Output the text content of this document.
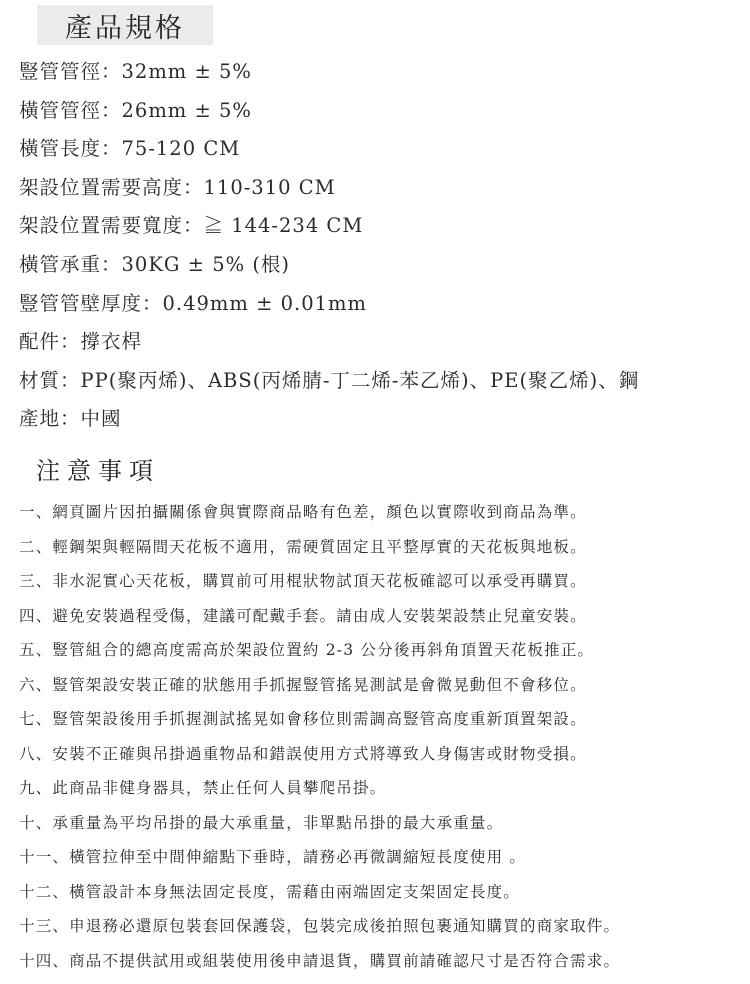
產品規格
豎管管徑：32mm ± 5%
橫管管徑：26mm ± 5%
橫管長度：75-120 CM
架設位置需要高度：110-310 CM
架設位置需要寬度：≧ 144-234 CM
橫管承重：30KG ± 5% (根)
豎管管壁厚度：0.49mm ± 0.01mm
配件：撐衣桿
材質：PP(聚丙烯)、ABS(丙烯腈-丁二烯-苯乙烯)、PE(聚乙烯)、鋼
產地：中國
注意事項
一、網頁圖片因拍攝關係會與實際商品略有色差，顏色以實際收到商品為準。
二、輕鋼架與輕隔間天花板不適用，需硬質固定且平整厚實的天花板與地板。
三、非水泥實心天花板，購買前可用棍狀物試頂天花板確認可以承受再購買。
四、避免安裝過程受傷，建議可配戴手套。請由成人安裝架設禁止兒童安裝。
五、豎管組合的總高度需高於架設位置約 2-3 公分後再斜角頂置天花板推正。
六、豎管架設安裝正確的狀態用手抓握豎管搖晃測試是會微晃動但不會移位。
七、豎管架設後用手抓握測試搖晃如會移位則需調高豎管高度重新頂置架設。
八、安裝不正確與吊掛過重物品和錯誤使用方式將導致人身傷害或財物受損。
九、此商品非健身器具，禁止任何人員攀爬吊掛。
十、承重量為平均吊掛的最大承重量，非單點吊掛的最大承重量。
十一、橫管拉伸至中間伸縮點下垂時，請務必再微調縮短長度使用 。
十二、橫管設計本身無法固定長度，需藉由兩端固定支架固定長度。
十三、申退務必還原包裝套回保護袋，包裝完成後拍照包裹通知購買的商家取件。
十四、商品不提供試用或組裝使用後申請退貨，購買前請確認尺寸是否符合需求。
